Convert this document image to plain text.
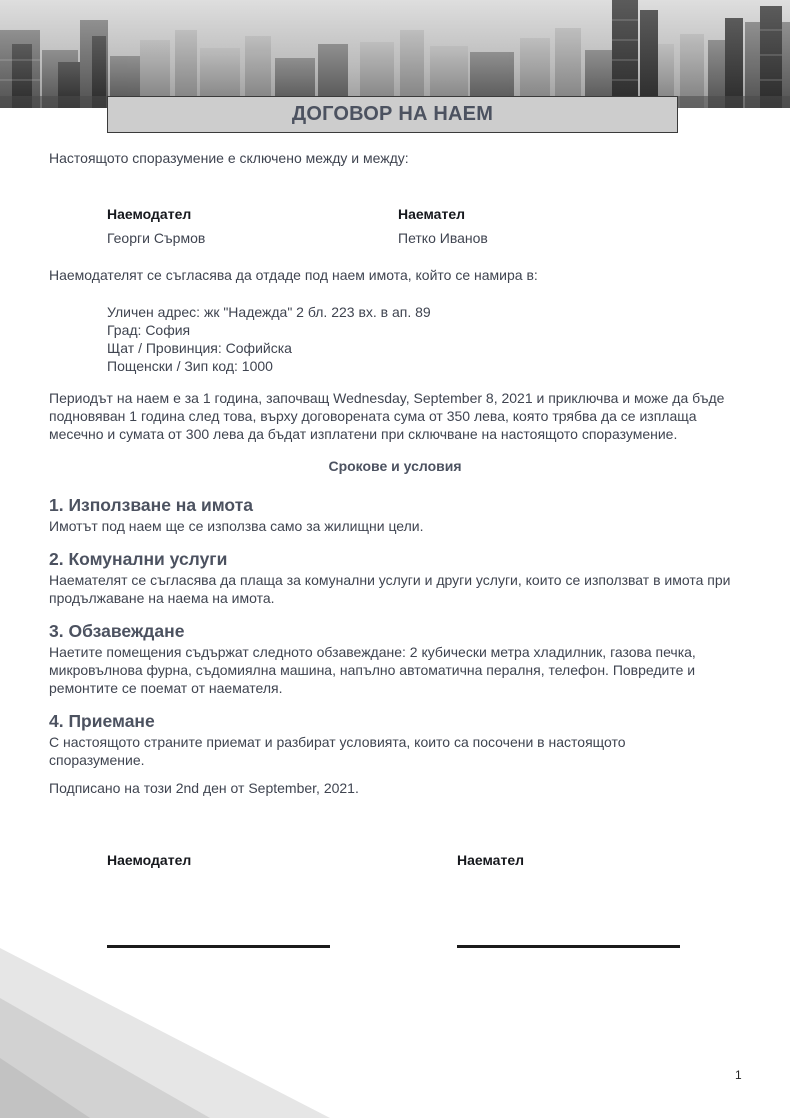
ДОГОВОР НА НАЕМ
Настоящото споразумение е сключено между и между:
Наемодател
Георги Сърмов
Наемател
Петко Иванов
Наемодателят се съгласява да отдаде под наем имота, който се намира в:
Уличен адрес: жк "Надежда" 2 бл. 223 вх. в ап. 89
Град: София
Щат / Провинция: Софийска
Пощенски / Зип код: 1000
Периодът на наем е за 1 година, започващ Wednesday, September 8, 2021 и приключва и може да бъде подновяван 1 година след това, върху договорената сума от 350 лева, която трябва да се изплаща месечно и сумата от 300 лева да бъдат изплатени при сключване на настоящото споразумение.
Срокове и условия
1. Използване на имота
Имотът под наем ще се използва само за жилищни цели.
2. Комунални услуги
Наемателят се съгласява да плаща за комунални услуги и други услуги, които се използват в имота при продължаване на наема на имота.
3. Обзавеждане
Наетите помещения съдържат следното обзавеждане: 2 кубически метра хладилник, газова печка, микровълнова фурна, съдомиялна машина, напълно автоматична пералня, телефон. Повредите и ремонтите се поемат от наемателя.
4. Приемане
С настоящото страните приемат и разбират условията, които са посочени в настоящото споразумение.
Подписано на този 2nd ден от September, 2021.
Наемодател	Наемател
1
